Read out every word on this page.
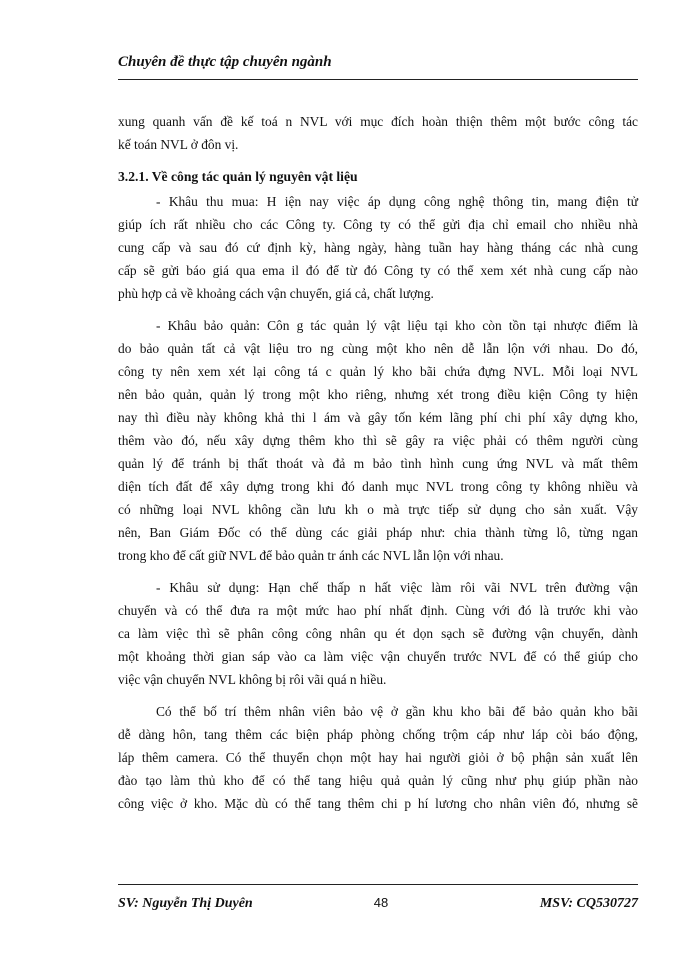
Chuyên đề thực tập chuyên ngành
xung quanh vấn đề kế toá n NVL với mục đích hoàn thiện thêm một bước công tác
kế toán NVL ở đôn vị.
3.2.1. Về công tác quản lý nguyên vật liệu
- Khâu thu mua: H iện nay việc áp dụng công nghệ thông tin, mang điện tử
giúp ích rất nhiều cho các Công ty. Công ty có thể gửi địa chỉ email cho nhiều nhà
cung cấp và sau đó cứ định kỳ, hàng ngày, hàng tuần hay hàng tháng các nhà cung
cấp sẽ gửi báo giá qua ema il đó để từ đó Công ty có thể xem xét nhà cung cấp nào
phù hợp cả về khoảng cách vận chuyển, giá cả, chất lượng.
- Khâu bảo quản: Côn g tác quản lý vật liệu tại kho còn tồn tại nhược điểm là
do bảo quản tất cả vật liệu tro ng cùng một kho nên dễ lẫn lộn với nhau. Do đó,
công ty nên xem xét lại công tá c quản lý kho bãi chứa đựng NVL. Mỗi loại NVL
nên bảo quản, quản lý trong một kho riêng, nhưng xét trong điều kiện Công ty hiện
nay thì điều này không khả thi l ám và gây tốn kém lãng phí chi phí xây dựng kho,
thêm vào đó, nếu xây dựng thêm kho thì sẽ gây ra việc phải có thêm người cùng
quản lý để tránh bị thất thoát và đả m bảo tình hình cung ứng NVL và mất thêm
diện tích đất để xây dựng trong khi đó danh mục NVL trong công ty không nhiều và
có những loại NVL không cần lưu kh o mà trực tiếp sử dụng cho sản xuất. Vậy
nên, Ban Giám Đốc có thể dùng các giải pháp như: chia thành từng lô, từng ngan
trong kho để cất giữ NVL để bảo quản tr ánh các NVL lẫn lộn với nhau.
- Khâu sử dụng: Hạn chế thấp n hất việc làm rôi vãi NVL trên đường vận
chuyển và có thể đưa ra một mức hao phí nhất định. Cùng với đó là trước khi vào
ca làm việc thì sẽ phân công công nhân qu ét dọn sạch sẽ đường vận chuyển, dành
một khoảng thời gian sáp vào ca làm việc vận chuyển trước NVL để có thể giúp cho
việc vận chuyển NVL không bị rôi vãi quá n hiều.
Có thể bố trí thêm nhân viên bảo vệ ở gần khu kho bãi để bảo quản kho bãi
dễ dàng hôn, tang thêm các biện pháp phòng chống trộm cáp như láp còi báo động,
láp thêm camera. Có thể thuyển chọn một hay hai người giỏi ở bộ phận sản xuất lên
đào tạo làm thủ kho để có thể tang hiệu quả quản lý cũng như phụ giúp phần nào
công việc ở kho. Mặc dù có thể tang thêm chi p hí lương cho nhân viên đó, nhưng sẽ
SV: Nguyễn Thị Duyên	48	MSV: CQ530727
